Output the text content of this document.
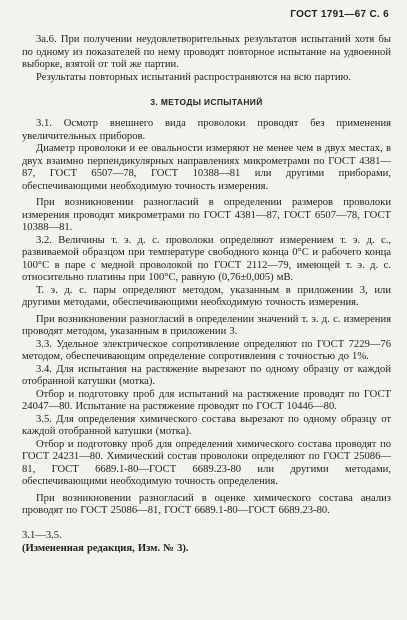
ГОСТ 1791—67 С. 6

3а.6. При получении неудовлетворительных результатов испытаний хотя бы по одному из показателей по нему проводят повторное испытание на удвоенной выборке, взятой от той же партии.

Результаты повторных испытаний распространяются на всю партию.

3. МЕТОДЫ ИСПЫТАНИЙ

3.1. Осмотр внешнего вида проволоки проводят без применения увеличительных приборов.

Диаметр проволоки и ее овальности измеряют не менее чем в двух местах, в двух взаимно перпендикулярных направлениях микрометрами по ГОСТ 4381—87, ГОСТ 6507—78, ГОСТ 10388—81 или другими приборами, обеспечивающими необходимую точность измерения.

При возникновении разногласий в определении размеров проволоки измерения проводят микрометрами по ГОСТ 4381—87, ГОСТ 6507—78, ГОСТ 10388—81.

3.2. Величины т. э. д. с. проволоки определяют измерением т. э. д. с., развиваемой образцом при температуре свободного конца 0°С и рабочего конца 100°С в паре с медной проволокой по ГОСТ 2112—79, имеющей т. э. д. с. относительно платины при 100°С, равную (0,76±0,005) мВ.

Т. э. д. с. пары определяют методом, указанным в приложении 3, или другими методами, обеспечивающими необходимую точность измерения.

При возникновении разногласий в определении значений т. э. д. с. измерения проводят методом, указанным в приложении 3.

3.3. Удельное электрическое сопротивление определяют по ГОСТ 7229—76 методом, обеспечивающим определение сопротивления с точностью до 1%.

3.4. Для испытания на растяжение вырезают по одному образцу от каждой отобранной катушки (мотка).

Отбор и подготовку проб для испытаний на растяжение проводят по ГОСТ 24047—80. Испытание на растяжение проводят по ГОСТ 10446—80.

3.5. Для определения химического состава вырезают по одному образцу от каждой отобранной катушки (мотка).

Отбор и подготовку проб для определения химического состава проводят по ГОСТ 24231—80. Химический состав проволоки определяют по ГОСТ 25086—81, ГОСТ 6689.1-80—ГОСТ 6689.23-80 или другими методами, обеспечивающими необходимую точность определения.

При возникновении разногласий в оценке химического состава анализ проводят по ГОСТ 25086—81, ГОСТ 6689.1-80—ГОСТ 6689.23-80.

3.1—3.5.
(Измененная редакция, Изм. № 3).
